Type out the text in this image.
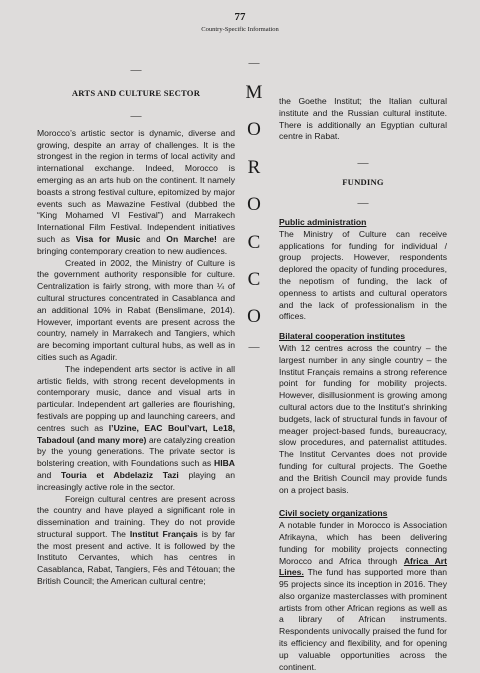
77
Country-Specific Information
—
ARTS AND CULTURE SECTOR
—

Morocco’s artistic sector is dynamic, diverse and growing, despite an array of challenges. It is the strongest in the region in terms of local activity and international exchange. Indeed, Morocco is emerging as an arts hub on the continent. It namely boasts a strong festival culture, epitomized by major events such as Mawazine Festival (dubbed the “King Mohamed VI Festival”) and Marrakech International Film Festival. Independent initiatives such as Visa for Music and On Marche! are bringing contemporary creation to new audiences.

Created in 2002, the Ministry of Culture is the government authority responsible for culture. Centralization is fairly strong, with more than ¼ of cultural structures concentrated in Casablanca and an additional 10% in Rabat (Benslimane, 2014). However, important events are present across the country, namely in Marrakech and Tangiers, which are becoming important cultural hubs, as well as in cities such as Agadir.

The independent arts sector is active in all artistic fields, with strong recent developments in contemporary music, dance and visual arts in particular. Independent art galleries are flourishing, festivals are popping up and launching careers, and centres such as l’Uzine, EAC Boul’vart, Le18, Tabadoul (and many more) are catalyzing creation by the young generations. The private sector is bolstering creation, with Foundations such as HIBA and Touria et Abdelaziz Tazi playing an increasingly active role in the sector.

Foreign cultural centres are present across the country and have played a significant role in dissemination and training. They do not provide structural support. The Institut Français is by far the most present and active. It is followed by the Instituto Cervantes, which has centres in Casablanca, Rabat, Tangiers, Fès and Tétouan; the British Council; the American cultural centre;

—
M
O
R
O
C
C
O
—

the Goethe Institut; the Italian cultural institute and the Russian cultural institute. There is additionally an Egyptian cultural centre in Rabat.

—
FUNDING
—

Public administration

The Ministry of Culture can receive applications for funding for individual / group projects. However, respondents deplored the opacity of funding procedures, the nepotism of funding, the lack of openness to artists and cultural operators and the lack of professionalism in the offices.

Bilateral cooperation institutes

With 12 centres across the country – the largest number in any single country – the Institut Français remains a strong reference point for funding for mobility projects. However, disillusionment is growing among cultural actors due to the Institut’s shrinking budgets, lack of structural funds in favour of meager project-based funds, bureaucracy, slow procedures, and paternalist attitudes. The Institut Cervantes does not provide funding for cultural projects. The Goethe and the British Council may provide funds on a project basis.

Civil society organizations

A notable funder in Morocco is Association Afrikayna, which has been delivering funding for mobility projects connecting Morocco and Africa through Africa Art Lines. The fund has supported more than 95 projects since its inception in 2016. They also organize masterclasses with prominent artists from other African regions as well as a library of African instruments. Respondents univocally praised the fund for its efficiency and flexibility, and for opening up valuable opportunities across the continent.
